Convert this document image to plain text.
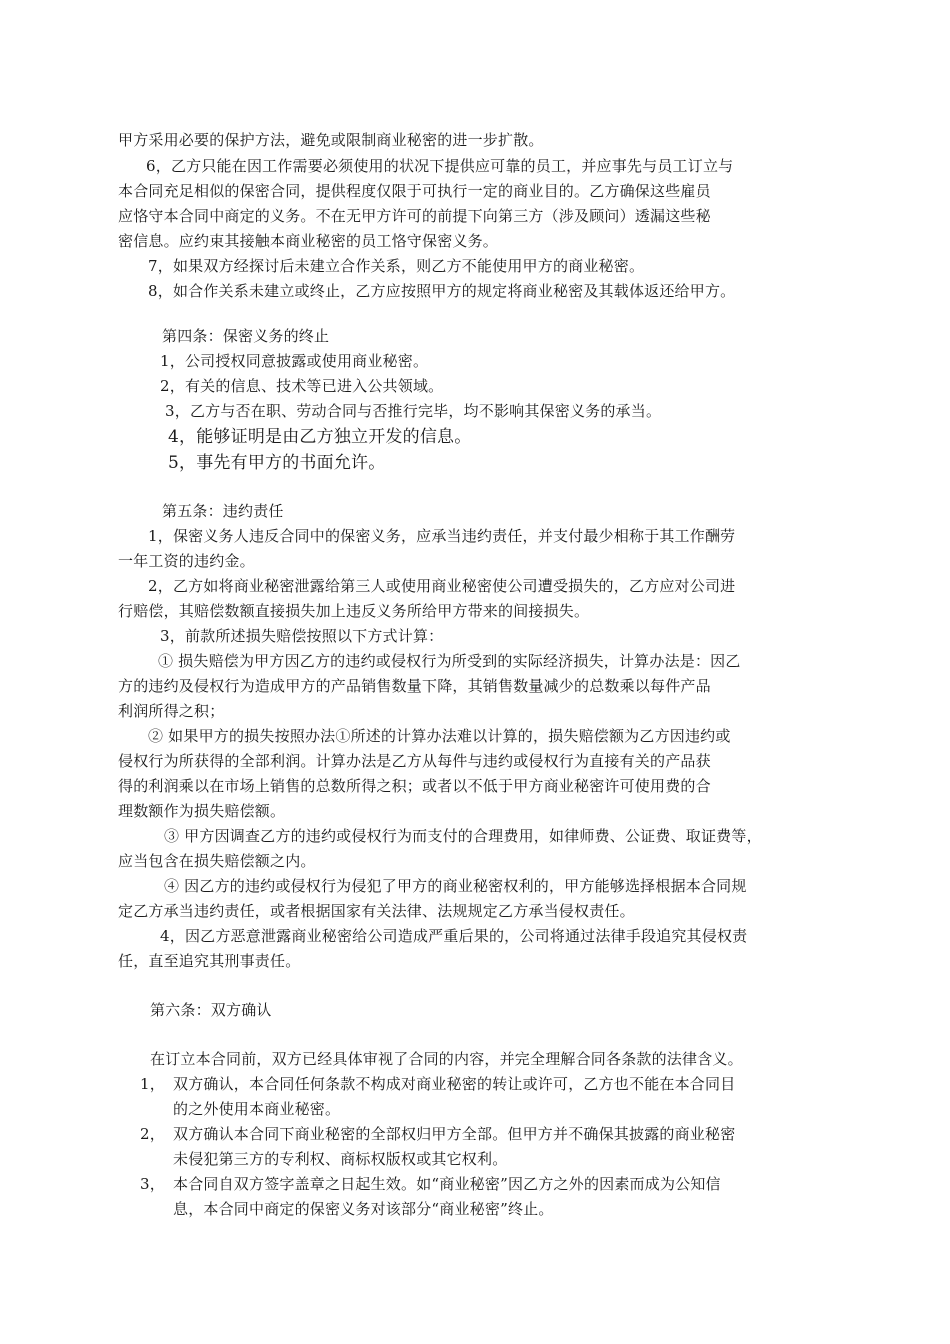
甲方采用必要的保护方法，避免或限制商业秘密的进一步扩散。
6，乙方只能在因工作需要必须使用的状况下提供应可靠的员工，并应事先与员工订立与
本合同充足相似的保密合同，提供程度仅限于可执行一定的商业目的。乙方确保这些雇员
应恪守本合同中商定的义务。不在无甲方许可的前提下向第三方（涉及顾问）透漏这些秘
密信息。应约束其接触本商业秘密的员工恪守保密义务。
7，如果双方经探讨后未建立合作关系，则乙方不能使用甲方的商业秘密。
8，如合作关系未建立或终止，乙方应按照甲方的规定将商业秘密及其载体返还给甲方。
第四条：保密义务的终止
1，公司授权同意披露或使用商业秘密。
2，有关的信息、技术等已进入公共领域。
3，乙方与否在职、劳动合同与否推行完毕，均不影响其保密义务的承当。
4，能够证明是由乙方独立开发的信息。
5，事先有甲方的书面允许。
第五条：违约责任
1，保密义务人违反合同中的保密义务，应承当违约责任，并支付最少相称于其工作酬劳
一年工资的违约金。
2，乙方如将商业秘密泄露给第三人或使用商业秘密使公司遭受损失的，乙方应对公司进
行赔偿，其赔偿数额直接损失加上违反义务所给甲方带来的间接损失。
3，前款所述损失赔偿按照以下方式计算：
① 损失赔偿为甲方因乙方的违约或侵权行为所受到的实际经济损失，计算办法是：因乙
方的违约及侵权行为造成甲方的产品销售数量下降，其销售数量减少的总数乘以每件产品
利润所得之积；
② 如果甲方的损失按照办法①所述的计算办法难以计算的，损失赔偿额为乙方因违约或
侵权行为所获得的全部利润。计算办法是乙方从每件与违约或侵权行为直接有关的产品获
得的利润乘以在市场上销售的总数所得之积；或者以不低于甲方商业秘密许可使用费的合
理数额作为损失赔偿额。
③ 甲方因调查乙方的违约或侵权行为而支付的合理费用，如律师费、公证费、取证费等，
应当包含在损失赔偿额之内。
④ 因乙方的违约或侵权行为侵犯了甲方的商业秘密权利的，甲方能够选择根据本合同规
定乙方承当违约责任，或者根据国家有关法律、法规规定乙方承当侵权责任。
4，因乙方恶意泄露商业秘密给公司造成严重后果的，公司将通过法律手段追究其侵权责
任，直至追究其刑事责任。
第六条：双方确认
在订立本合同前，双方已经具体审视了合同的内容，并完全理解合同各条款的法律含义。
1， 双方确认，本合同任何条款不构成对商业秘密的转让或许可，乙方也不能在本合同目
的之外使用本商业秘密。
2， 双方确认本合同下商业秘密的全部权归甲方全部。但甲方并不确保其披露的商业秘密
未侵犯第三方的专利权、商标权版权或其它权利。
3， 本合同自双方签字盖章之日起生效。如“商业秘密”因乙方之外的因素而成为公知信
息，本合同中商定的保密义务对该部分“商业秘密”终止。
